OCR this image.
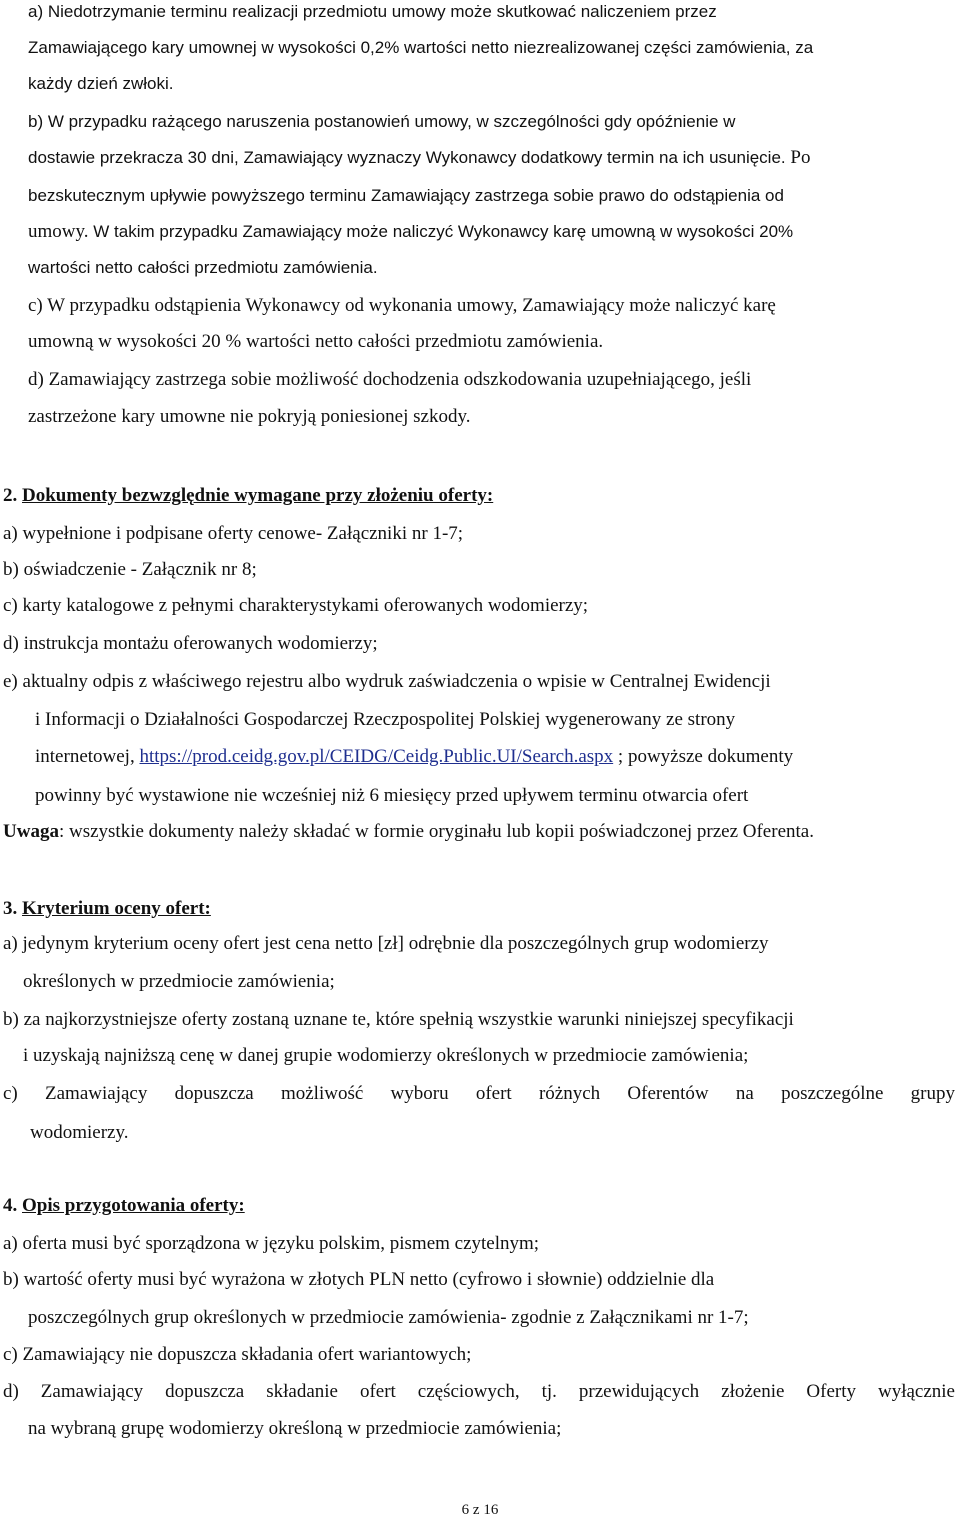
a) Niedotrzymanie terminu realizacji przedmiotu umowy może skutkować naliczeniem przez
Zamawiającego kary umownej w wysokości 0,2% wartości netto niezrealizowanej części zamówienia, za
każdy dzień zwłoki.
b) W przypadku rażącego naruszenia postanowień umowy, w szczególności gdy opóźnienie w
dostawie przekracza 30 dni, Zamawiający wyznaczy Wykonawcy dodatkowy termin na ich usunięcie. Po
bezskutecznym upływie powyższego terminu Zamawiający zastrzega sobie prawo do odstąpienia od
umowy. W takim przypadku Zamawiający może naliczyć Wykonawcy karę umowną w wysokości 20%
wartości netto całości przedmiotu zamówienia.
c) W przypadku odstąpienia Wykonawcy od wykonania umowy, Zamawiający może naliczyć karę
umowną w wysokości 20 % wartości netto całości przedmiotu zamówienia.
d) Zamawiający zastrzega sobie możliwość dochodzenia odszkodowania uzupełniającego, jeśli
zastrzeżone kary umowne nie pokryją poniesionej szkody.
2. Dokumenty bezwzględnie wymagane przy złożeniu oferty:
a) wypełnione i podpisane oferty cenowe- Załączniki nr 1-7;
b) oświadczenie - Załącznik nr 8;
c) karty katalogowe z pełnymi charakterystykami oferowanych wodomierzy;
d) instrukcja montażu oferowanych wodomierzy;
e) aktualny odpis z właściwego rejestru albo wydruk zaświadczenia o wpisie w Centralnej Ewidencji
i Informacji o Działalności Gospodarczej Rzeczpospolitej Polskiej wygenerowany ze strony
internetowej, https://prod.ceidg.gov.pl/CEIDG/Ceidg.Public.UI/Search.aspx ; powyższe dokumenty
powinny być wystawione nie wcześniej niż 6 miesięcy przed upływem terminu otwarcia ofert
Uwaga: wszystkie dokumenty należy składać w formie oryginału lub kopii poświadczonej przez Oferenta.
3. Kryterium oceny ofert:
a) jedynym kryterium oceny ofert jest cena netto [zł] odrębnie dla poszczególnych grup wodomierzy
określonych w przedmiocie zamówienia;
b) za najkorzystniejsze oferty zostaną uznane te, które spełnią wszystkie warunki niniejszej specyfikacji
i uzyskają najniższą cenę w danej grupie wodomierzy określonych w przedmiocie zamówienia;
c) Zamawiający dopuszcza możliwość wyboru ofert różnych Oferentów na poszczególne grupy
wodomierzy.
4. Opis przygotowania oferty:
a) oferta musi być sporządzona w języku polskim, pismem czytelnym;
b) wartość oferty musi być wyrażona w złotych PLN netto (cyfrowo i słownie) oddzielnie dla
poszczególnych grup określonych w przedmiocie zamówienia- zgodnie z Załącznikami nr 1-7;
c) Zamawiający nie dopuszcza składania ofert wariantowych;
d) Zamawiający dopuszcza składanie ofert częściowych, tj. przewidujących złożenie Oferty wyłącznie
na wybraną grupę wodomierzy określoną w przedmiocie zamówienia;
6 z 16
